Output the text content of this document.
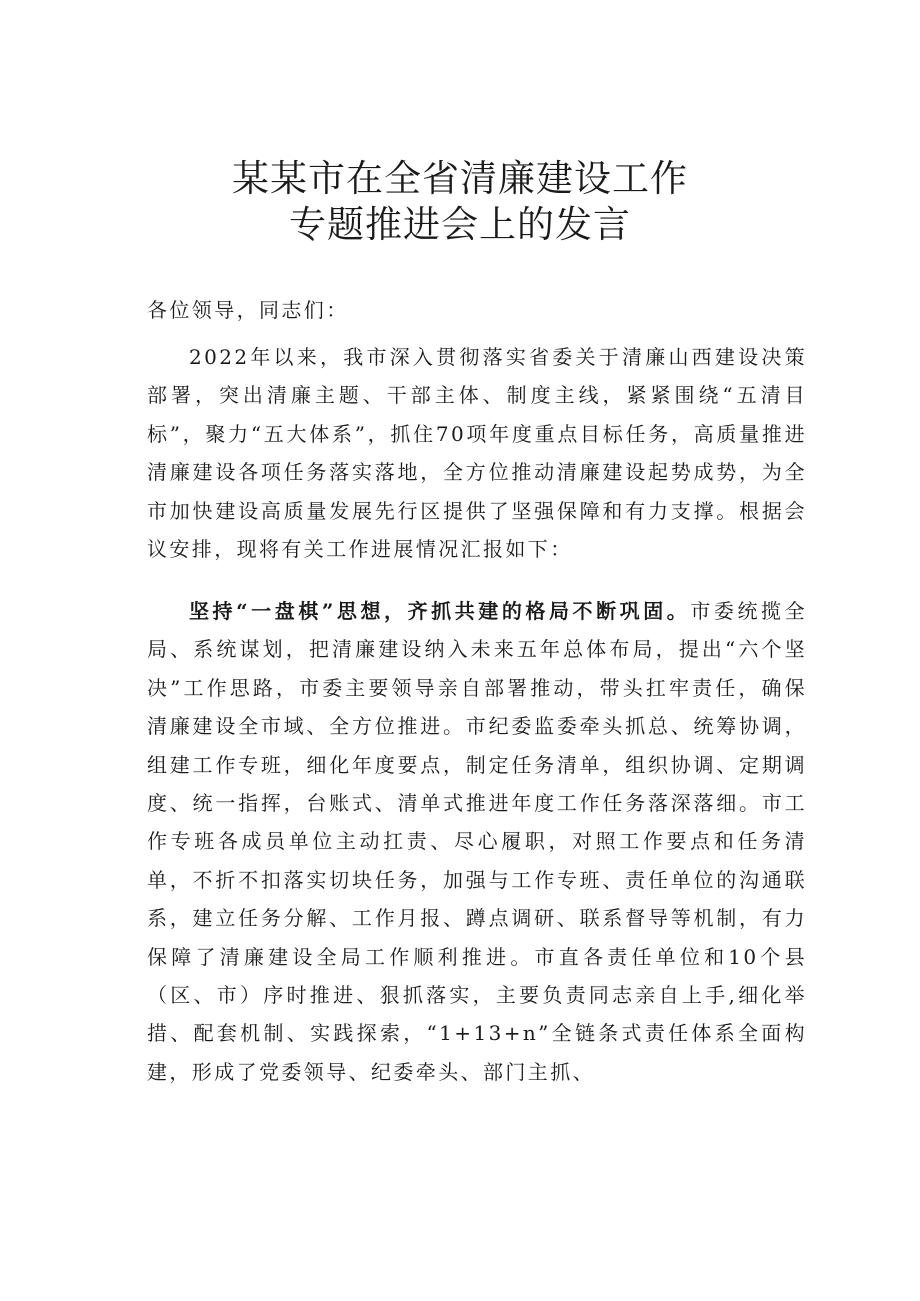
某某市在全省清廉建设工作
专题推进会上的发言
各位领导，同志们：
2022年以来，我市深入贯彻落实省委关于清廉山西建设决策部署，突出清廉主题、干部主体、制度主线，紧紧围绕“五清目标”，聚力“五大体系”，抓住70项年度重点目标任务，高质量推进清廉建设各项任务落实落地，全方位推动清廉建设起势成势，为全市加快建设高质量发展先行区提供了坚强保障和有力支撑。根据会议安排，现将有关工作进展情况汇报如下：
坚持“一盘棋”思想，齐抓共建的格局不断巩固。市委统揽全局、系统谋划，把清廉建设纳入未来五年总体布局，提出“六个坚决”工作思路，市委主要领导亲自部署推动，带头扛牢责任，确保清廉建设全市域、全方位推进。市纪委监委牵头抓总、统筹协调，组建工作专班，细化年度要点，制定任务清单，组织协调、定期调度、统一指挥，台账式、清单式推进年度工作任务落深落细。市工作专班各成员单位主动扛责、尽心履职，对照工作要点和任务清单，不折不扣落实切块任务，加强与工作专班、责任单位的沟通联系，建立任务分解、工作月报、蹲点调研、联系督导等机制，有力保障了清廉建设全局工作顺利推进。市直各责任单位和10个县（区、市）序时推进、狠抓落实，主要负责同志亲自上手,细化举措、配套机制、实践探索，“1+13+n”全链条式责任体系全面构建，形成了党委领导、纪委牵头、部门主抓、
